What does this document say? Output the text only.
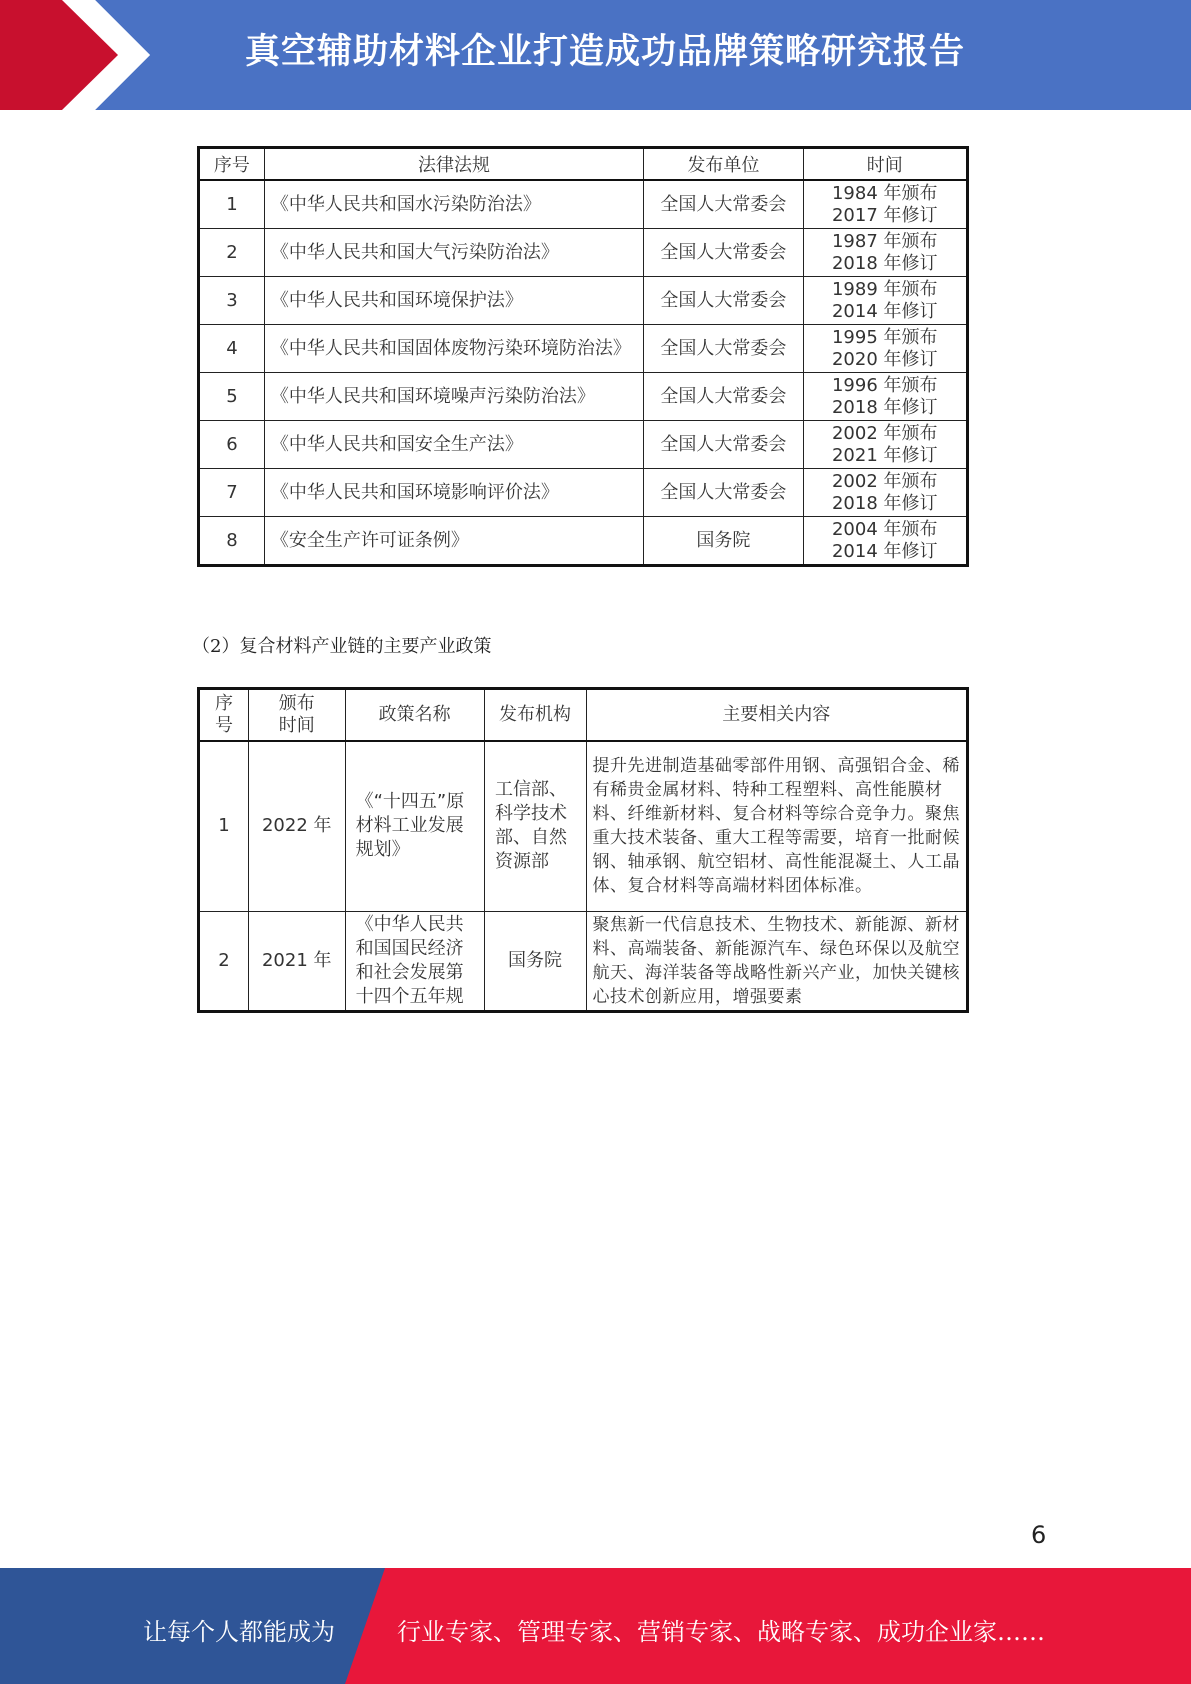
真空辅助材料企业打造成功品牌策略研究报告
序号	法律法规	发布单位	时间
1	《中华人民共和国水污染防治法》	全国人大常委会	1984 年颁布
2017 年修订

2	《中华人民共和国大气污染防治法》	全国人大常委会	1987 年颁布
2018 年修订

3	《中华人民共和国环境保护法》	全国人大常委会	1989 年颁布
2014 年修订

4	《中华人民共和国固体废物污染环境防治法》	全国人大常委会	1995 年颁布
2020 年修订

5	《中华人民共和国环境噪声污染防治法》	全国人大常委会	1996 年颁布
2018 年修订

6	《中华人民共和国安全生产法》	全国人大常委会	2002 年颁布
2021 年修订

7	《中华人民共和国环境影响评价法》	全国人大常委会	2002 年颁布
2018 年修订

8	《安全生产许可证条例》	国务院	2004 年颁布
2014 年修订
（2）复合材料产业链的主要产业政策
序号	颁布时间	政策名称	发布机构	主要相关内容
1	2022 年	《“十四五”原材料工业发展规划》	工信部、科学技术部、自然资源部	提升先进制造基础零部件用钢、高强铝合金、稀有稀贵金属材料、特种工程塑料、高性能膜材料、纤维新材料、复合材料等综合竞争力。聚焦重大技术装备、重大工程等需要，培育一批耐候钢、轴承钢、航空铝材、高性能混凝土、人工晶体、复合材料等高端材料团体标准。
2	2021 年	《中华人民共和国国民经济和社会发展第十四个五年规	国务院	聚焦新一代信息技术、生物技术、新能源、新材料、高端装备、新能源汽车、绿色环保以及航空航天、海洋装备等战略性新兴产业，加快关键核心技术创新应用，增强要素
6
让每个人都能成为	行业专家、管理专家、营销专家、战略专家、成功企业家……
